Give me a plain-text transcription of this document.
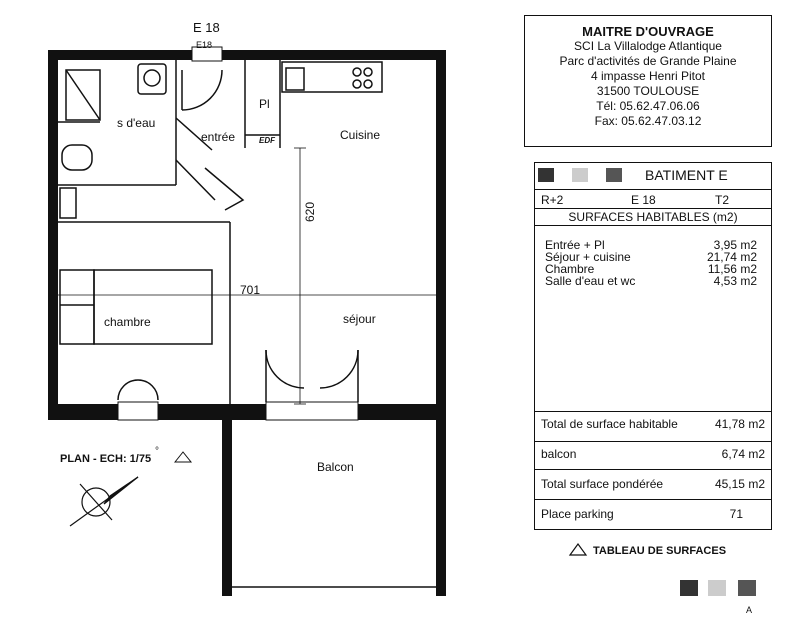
E 18
E18
s d'eau
entrée
Pl
EDF	Cuisine
chambre	séjour
Balcon
701
620
PLAN - ECH: 1/75
°
MAITRE D'OUVRAGE
SCI La Villalodge Atlantique
Parc d'activités de Grande Plaine
4 impasse Henri Pitot
31500 TOULOUSE
Tél: 05.62.47.06.06
Fax: 05.62.47.03.12
BATIMENT E
R+2	E 18	T2
SURFACES HABITABLES (m2)
Entrée + Pl	3,95 m2
Séjour + cuisine	21,74 m2
Chambre	11,56 m2
Salle d'eau et wc	4,53 m2
Total de surface habitable	41,78 m2
balcon	6,74 m2
Total surface pondérée	45,15 m2
Place parking	71
TABLEAU DE SURFACES
A
